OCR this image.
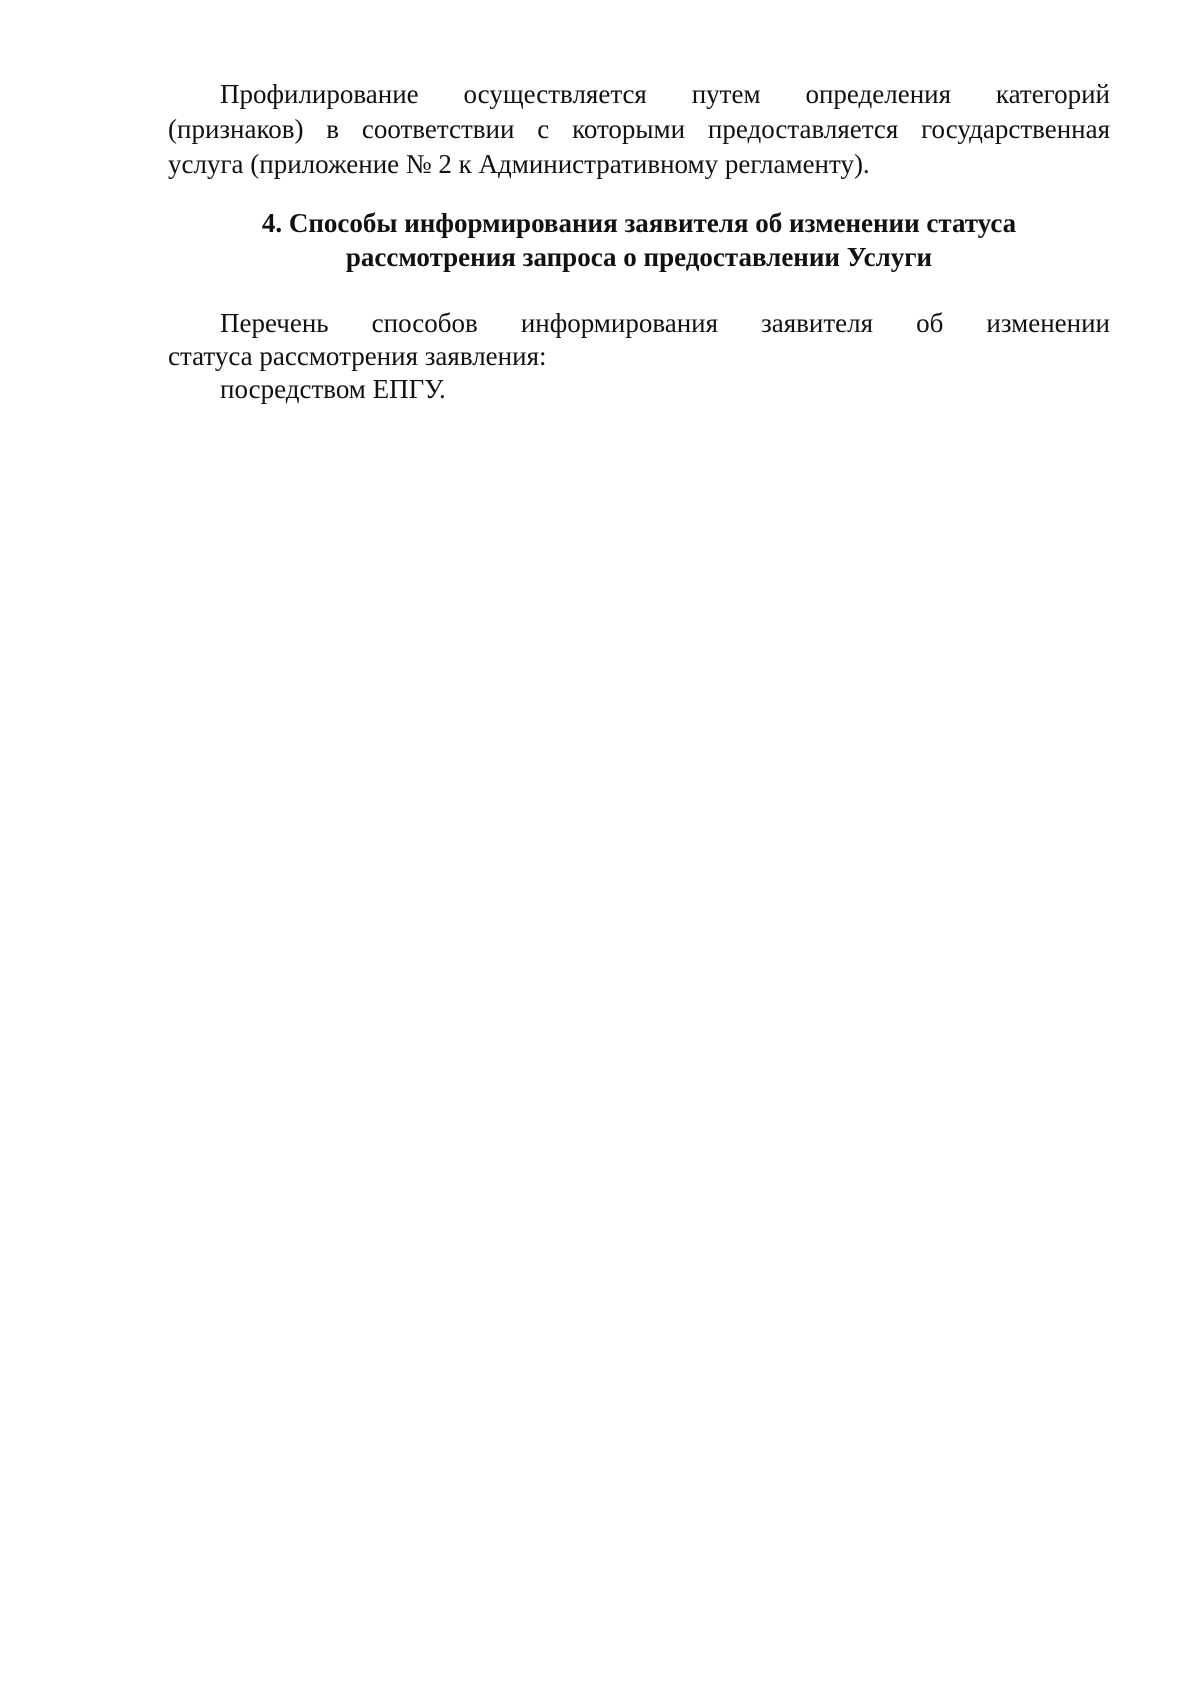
Профилирование осуществляется путем определения категорий
(признаков) в соответствии с которыми предоставляется государственная
услуга (приложение № 2 к Административному регламенту).
4. Способы информирования заявителя об изменении статуса
рассмотрения запроса о предоставлении Услуги
Перечень способов информирования заявителя об изменении
статуса рассмотрения заявления:
посредством ЕПГУ.
